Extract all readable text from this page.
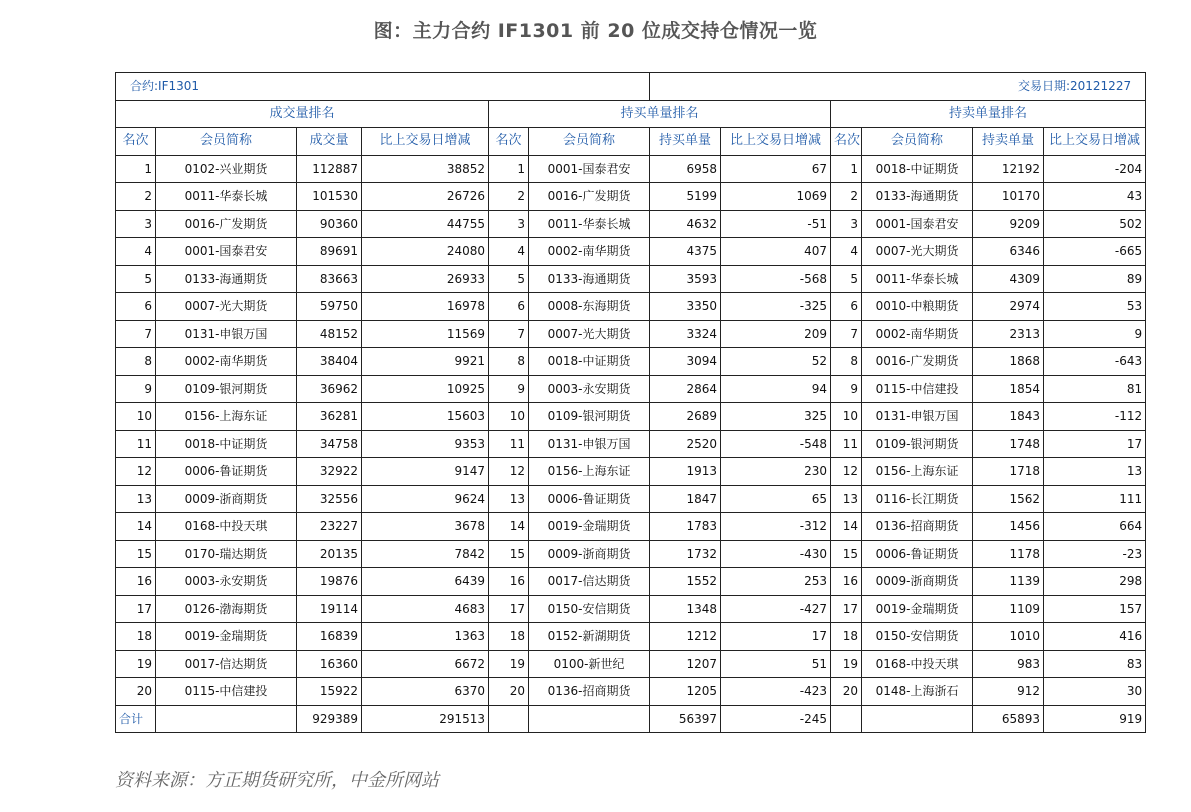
图：主力合约 IF1301 前 20 位成交持仓情况一览
合约:IF1301						交易日期:20121227					
成交量排名				持买单量排名				持卖单量排名			
名次	会员简称	成交量	比上交易日增减	名次	会员简称	持买单量	比上交易日增减	名次	会员简称	持卖单量	比上交易日增减
1	0102-兴业期货	112887	38852	1	0001-国泰君安	6958	67	1	0018-中证期货	12192	-204
2	0011-华泰长城	101530	26726	2	0016-广发期货	5199	1069	2	0133-海通期货	10170	43
3	0016-广发期货	90360	44755	3	0011-华泰长城	4632	-51	3	0001-国泰君安	9209	502
4	0001-国泰君安	89691	24080	4	0002-南华期货	4375	407	4	0007-光大期货	6346	-665
5	0133-海通期货	83663	26933	5	0133-海通期货	3593	-568	5	0011-华泰长城	4309	89
6	0007-光大期货	59750	16978	6	0008-东海期货	3350	-325	6	0010-中粮期货	2974	53
7	0131-申银万国	48152	11569	7	0007-光大期货	3324	209	7	0002-南华期货	2313	9
8	0002-南华期货	38404	9921	8	0018-中证期货	3094	52	8	0016-广发期货	1868	-643
9	0109-银河期货	36962	10925	9	0003-永安期货	2864	94	9	0115-中信建投	1854	81
10	0156-上海东证	36281	15603	10	0109-银河期货	2689	325	10	0131-申银万国	1843	-112
11	0018-中证期货	34758	9353	11	0131-申银万国	2520	-548	11	0109-银河期货	1748	17
12	0006-鲁证期货	32922	9147	12	0156-上海东证	1913	230	12	0156-上海东证	1718	13
13	0009-浙商期货	32556	9624	13	0006-鲁证期货	1847	65	13	0116-长江期货	1562	111
14	0168-中投天琪	23227	3678	14	0019-金瑞期货	1783	-312	14	0136-招商期货	1456	664
15	0170-瑞达期货	20135	7842	15	0009-浙商期货	1732	-430	15	0006-鲁证期货	1178	-23
16	0003-永安期货	19876	6439	16	0017-信达期货	1552	253	16	0009-浙商期货	1139	298
17	0126-渤海期货	19114	4683	17	0150-安信期货	1348	-427	17	0019-金瑞期货	1109	157
18	0019-金瑞期货	16839	1363	18	0152-新湖期货	1212	17	18	0150-安信期货	1010	416
19	0017-信达期货	16360	6672	19	0100-新世纪	1207	51	19	0168-中投天琪	983	83
20	0115-中信建投	15922	6370	20	0136-招商期货	1205	-423	20	0148-上海浙石	912	30
合计		929389	291513			56397	-245			65893	919
资料来源：方正期货研究所，中金所网站
